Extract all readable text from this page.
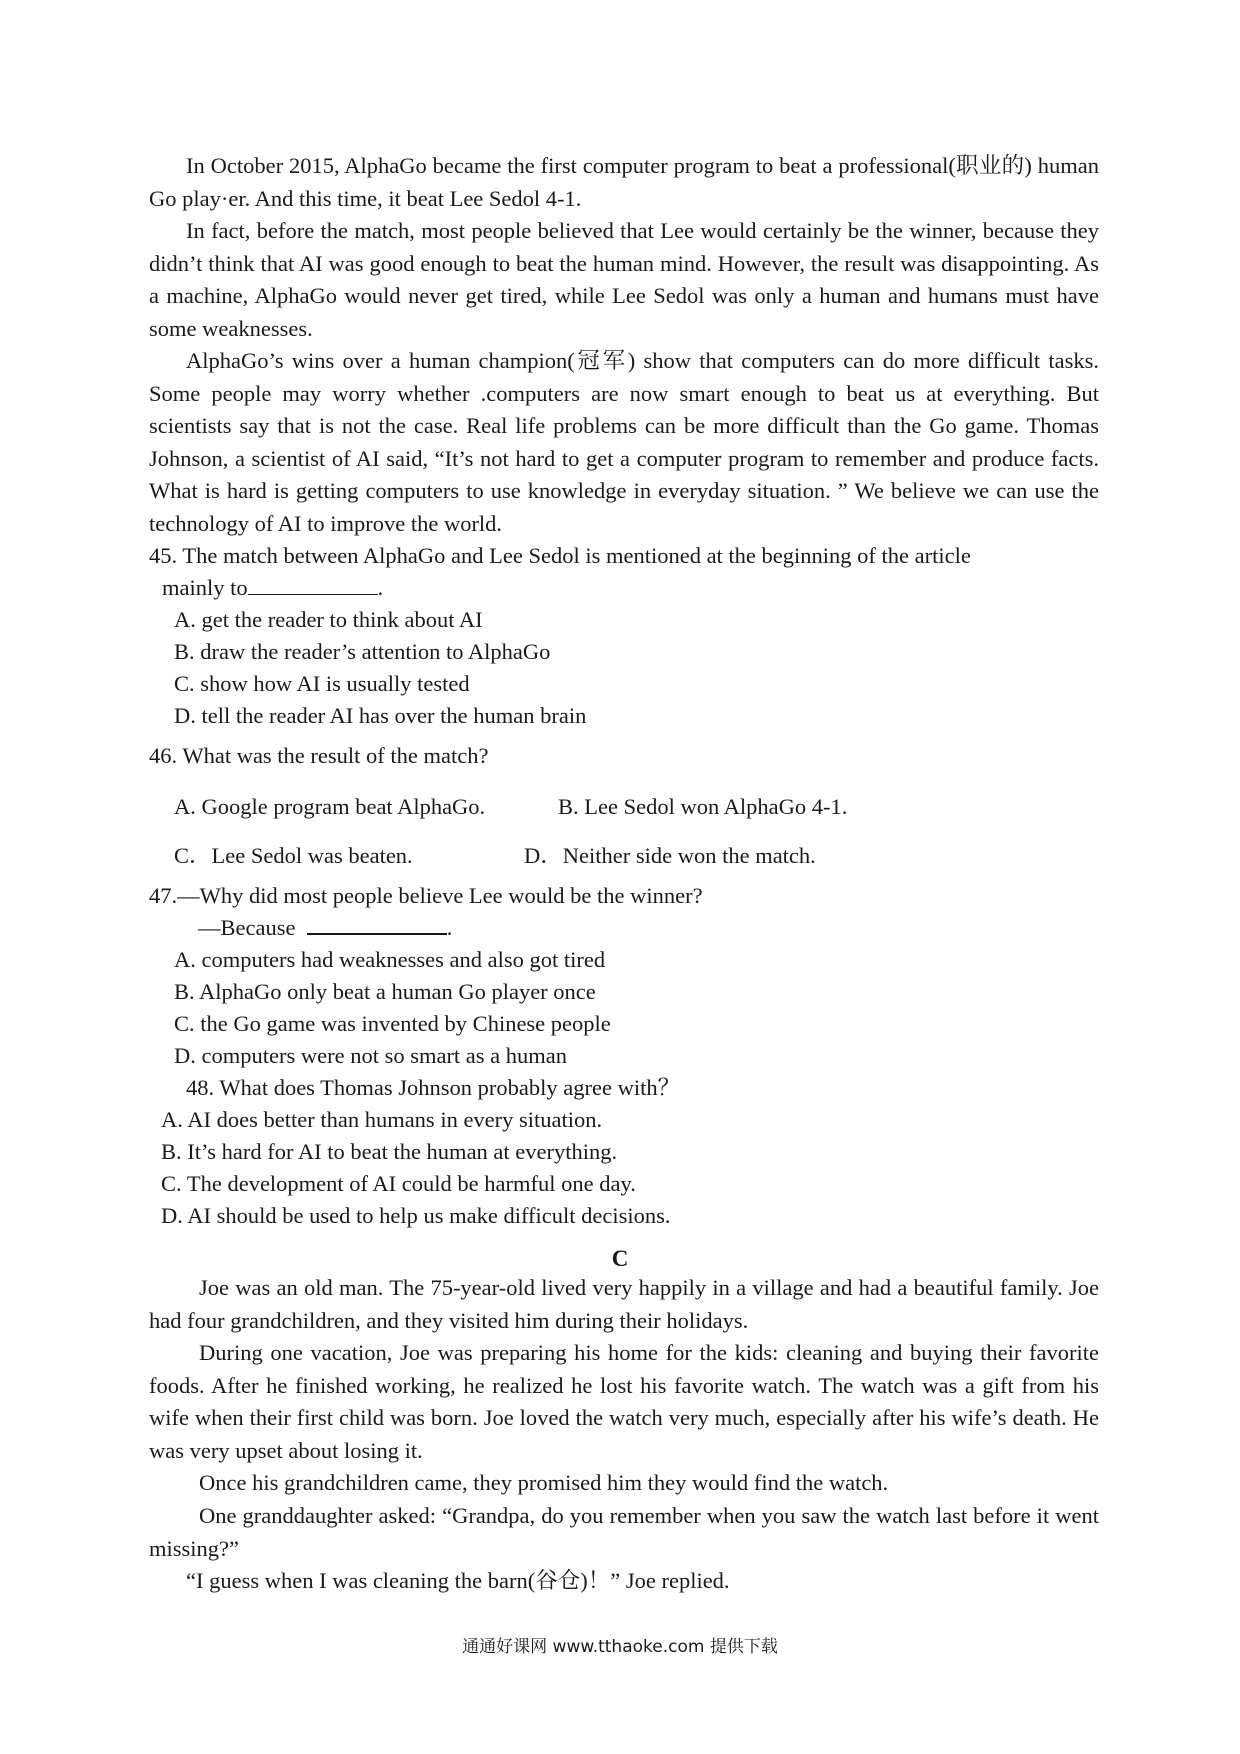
In October 2015, AlphaGo became the first computer program to beat a professional(职业的) human Go play·er. And this time, it beat Lee Sedol 4-1.

In fact, before the match, most people believed that Lee would certainly be the winner, because they didn’t think that AI was good enough to beat the human mind. However, the result was disappointing. As a machine, AlphaGo would never get tired, while Lee Sedol was only a human and humans must have some weaknesses.

AlphaGo’s wins over a human champion(冠军) show that computers can do more difficult tasks. Some people may worry whether .computers are now smart enough to beat us at everything. But scientists say that is not the case. Real life problems can be more difficult than the Go game. Thomas Johnson, a scientist of AI said, “It’s not hard to get a computer program to remember and produce facts. What is hard is getting computers to use knowledge in everyday situation. ” We believe we can use the technology of AI to improve the world.

45. The match between AlphaGo and Lee Sedol is mentioned at the beginning of the article
mainly to	.
A. get the reader to think about AI
B. draw the reader’s attention to AlphaGo
C. show how AI is usually tested
D. tell the reader AI has over the human brain
46. What was the result of the match?
A. Google program beat AlphaGo.	B. Lee Sedol won AlphaGo 4-1.
C．Lee Sedol was beaten.	D．Neither side won the match.
47.—Why did most people believe Lee would be the winner?
—Because	.
A. computers had weaknesses and also got tired
B. AlphaGo only beat a human Go player once
C. the Go game was invented by Chinese people
D. computers were not so smart as a human
48. What does Thomas Johnson probably agree with？
A. AI does better than humans in every situation.
B. It’s hard for AI to beat the human at everything.
C. The development of AI could be harmful one day.
D. AI should be used to help us make difficult decisions.
C

Joe was an old man. The 75-year-old lived very happily in a village and had a beautiful family. Joe had four grandchildren, and they visited him during their holidays.

During one vacation, Joe was preparing his home for the kids: cleaning and buying their favorite foods. After he finished working, he realized he lost his favorite watch. The watch was a gift from his wife when their first child was born. Joe loved the watch very much, especially after his wife’s death. He was very upset about losing it.

Once his grandchildren came, they promised him they would find the watch.

One granddaughter asked: “Grandpa, do you remember when you saw the watch last before it went missing?”

“I guess when I was cleaning the barn(谷仓)！” Joe replied.

通通好课网 www.tthaoke.com 提供下载
